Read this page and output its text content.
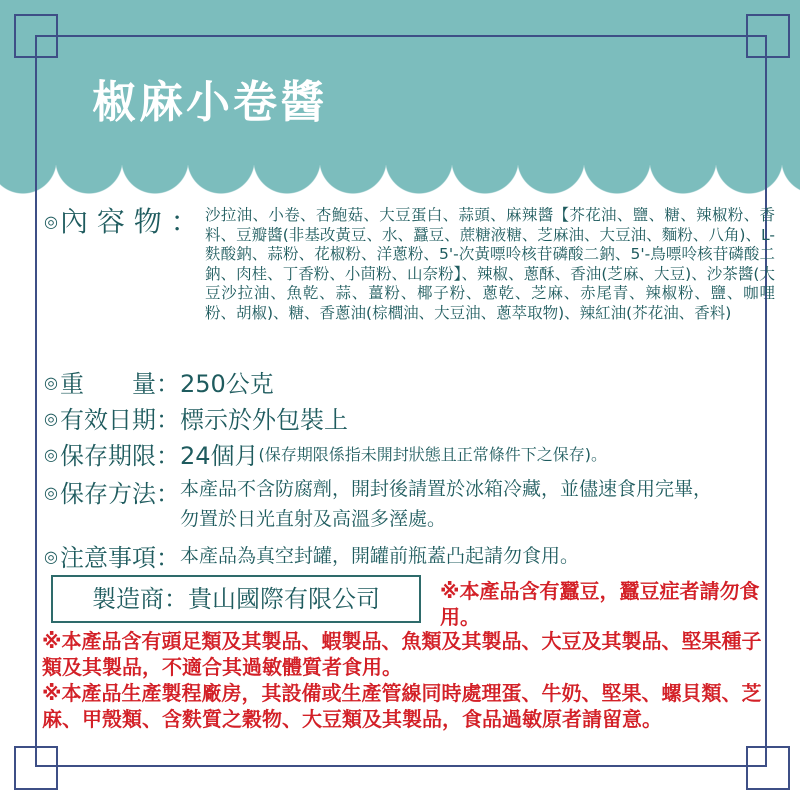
椒麻小卷醬
◎內 容 物 ： 沙拉油、小卷、杏鮑菇、大豆蛋白、蒜頭、麻辣醬【芥花油、鹽、糖、辣椒粉、香料、豆瓣醬(非基改黃豆、水、蠶豆、蔗糖液糖、芝麻油、大豆油、麵粉、八角)、L-麩酸鈉、蒜粉、花椒粉、洋蔥粉、5'-次黃嘌呤核苷磷酸二鈉、5'-鳥嘌呤核苷磷酸二鈉、肉桂、丁香粉、小茴粉、山奈粉】、辣椒、蔥酥、香油(芝麻、大豆)、沙茶醬(大豆沙拉油、魚乾、蒜、薑粉、椰子粉、蔥乾、芝麻、赤尾青、辣椒粉、鹽、咖哩粉、胡椒)、糖、香蔥油(棕櫚油、大豆油、蔥萃取物)、辣紅油(芥花油、香料)
◎重　　量： 250公克
◎有效日期： 標示於外包裝上
◎保存期限： 24個月 (保存期限係指未開封狀態且正常條件下之保存)。
◎保存方法： 本產品不含防腐劑，開封後請置於冰箱冷藏，並儘速食用完畢，勿置於日光直射及高溫多溼處。
◎注意事項： 本產品為真空封罐，開罐前瓶蓋凸起請勿食用。
製造商：貴山國際有限公司	※本產品含有蠶豆，蠶豆症者請勿食用。
※本產品含有頭足類及其製品、蝦製品、魚類及其製品、大豆及其製品、堅果種子類及其製品，不適合其過敏體質者食用。
※本產品生產製程廠房，其設備或生產管線同時處理蛋、牛奶、堅果、螺貝類、芝麻、甲殼類、含麩質之穀物、大豆類及其製品，食品過敏原者請留意。
